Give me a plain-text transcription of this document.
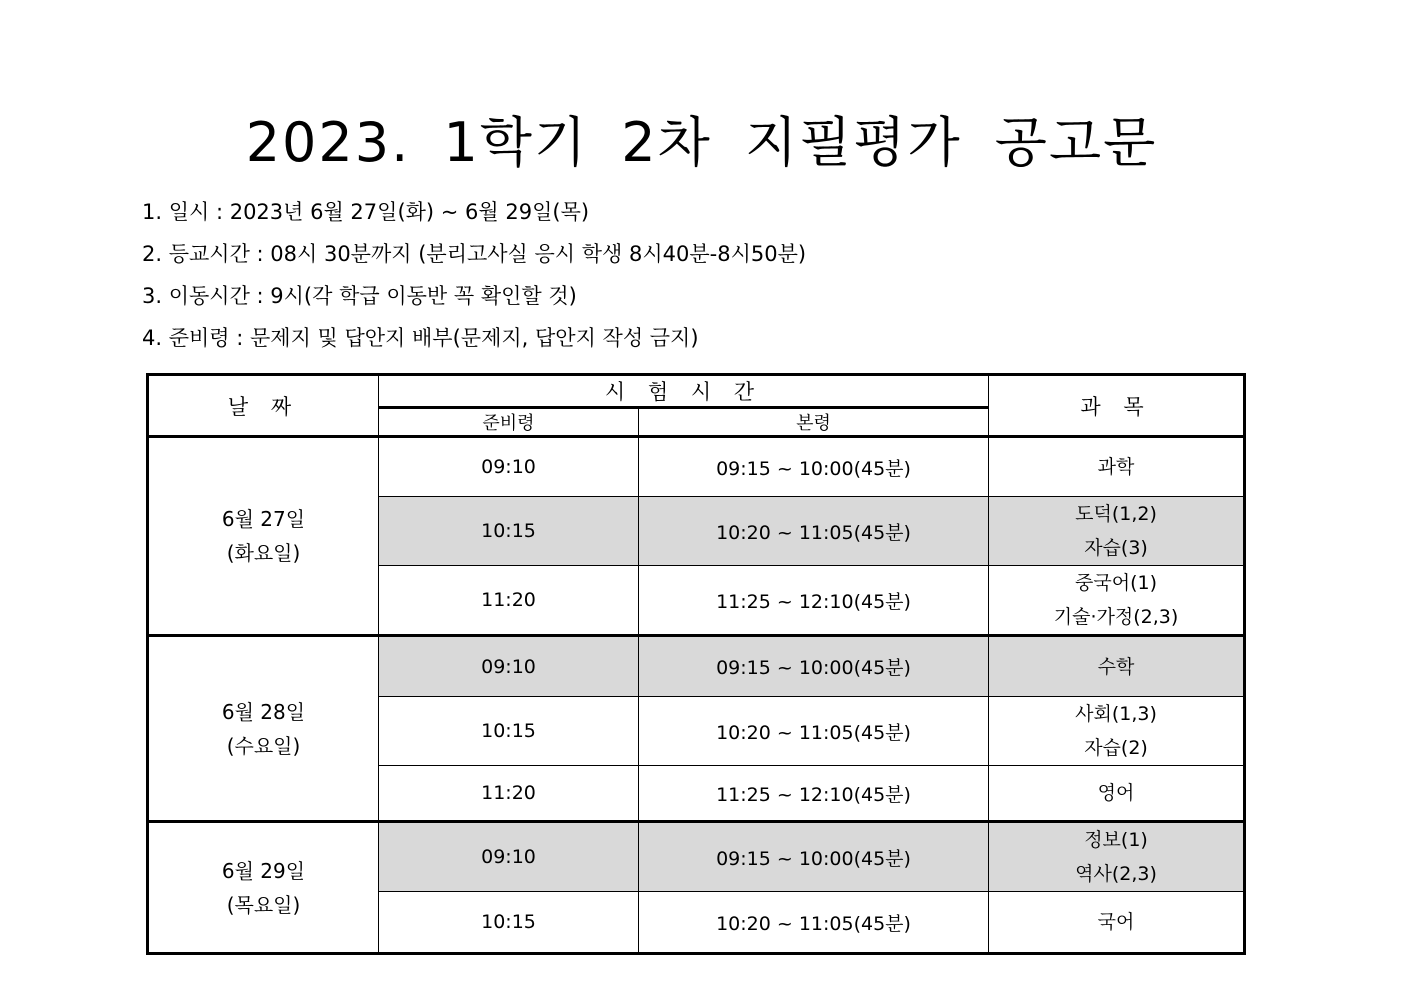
2023. 1학기 2차 지필평가 공고문
1. 일시 : 2023년 6월 27일(화) ~ 6월 29일(목)
2. 등교시간 : 08시 30분까지 (분리고사실 응시 학생 8시40분-8시50분)
3. 이동시간 : 9시(각 학급 이동반 꼭 확인할 것)
4. 준비령 : 문제지 및 답안지 배부(문제지, 답안지 작성 금지)
날 짜	시 험 시 간		과 목
	준비령	본령	

6월 27일
(화요일)	09:10	09:15 ~ 10:00(45분)	과학

	10:15	10:20 ~ 11:05(45분)	도덕(1,2)
자습(3)

	11:20	11:25 ~ 12:10(45분)	중국어(1)
기술·가정(2,3)

6월 28일
(수요일)	09:10	09:15 ~ 10:00(45분)	수학

	10:15	10:20 ~ 11:05(45분)	사회(1,3)
자습(2)

	11:20	11:25 ~ 12:10(45분)	영어

6월 29일
(목요일)	09:10	09:15 ~ 10:00(45분)	정보(1)
역사(2,3)

	10:15	10:20 ~ 11:05(45분)	국어
